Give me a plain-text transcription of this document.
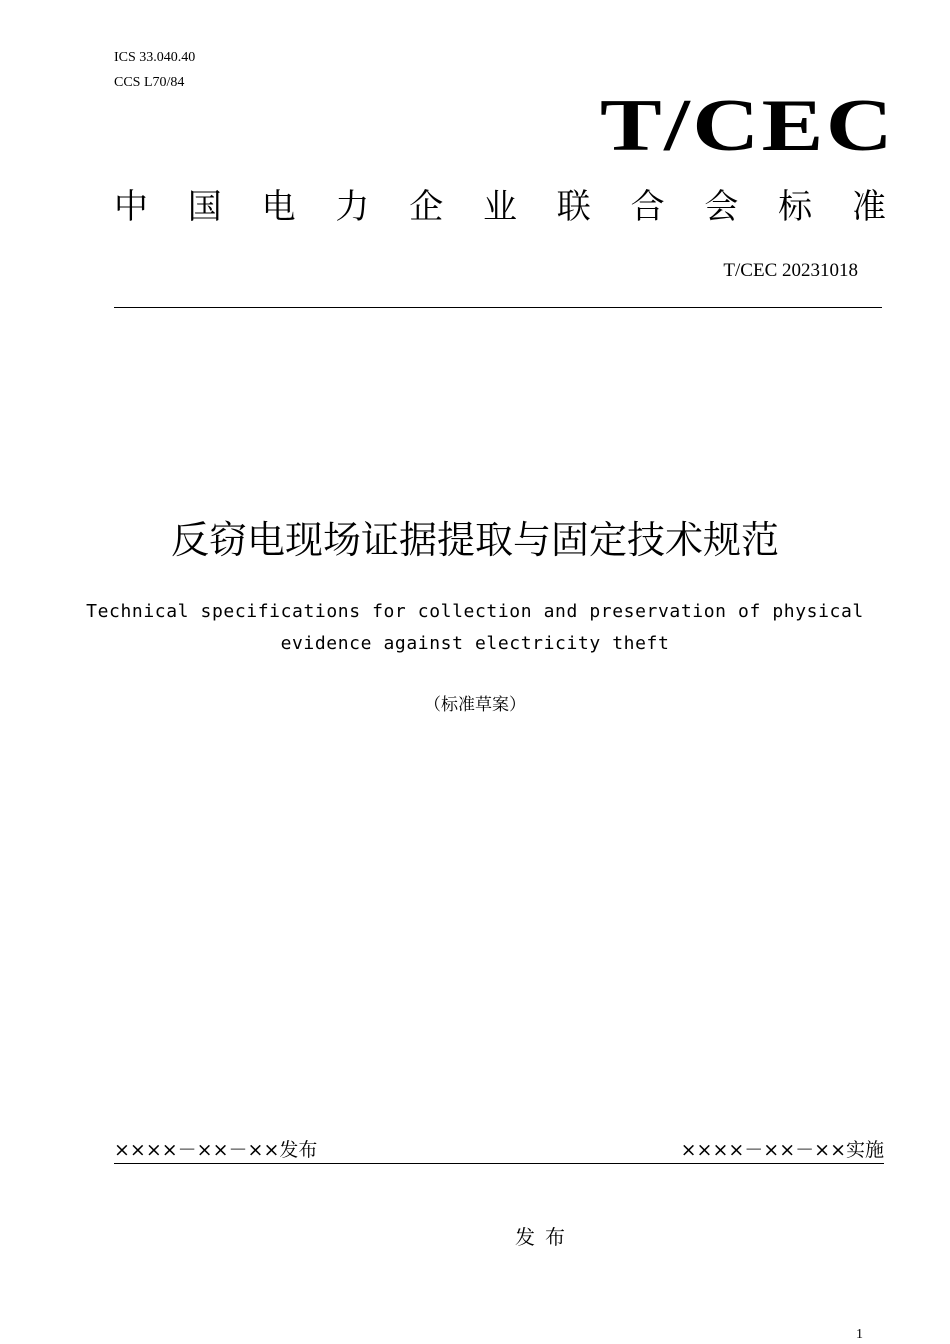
ICS 33.040.40
CCS L70/84
T/CEC
中 国 电 力 企 业 联 合 会 标 准
T/CEC 20231018
反窃电现场证据提取与固定技术规范
Technical specifications for collection and preservation of physical
evidence against electricity theft
（标准草案）
××××－××－××发布	××××－××－××实施
发布
1
